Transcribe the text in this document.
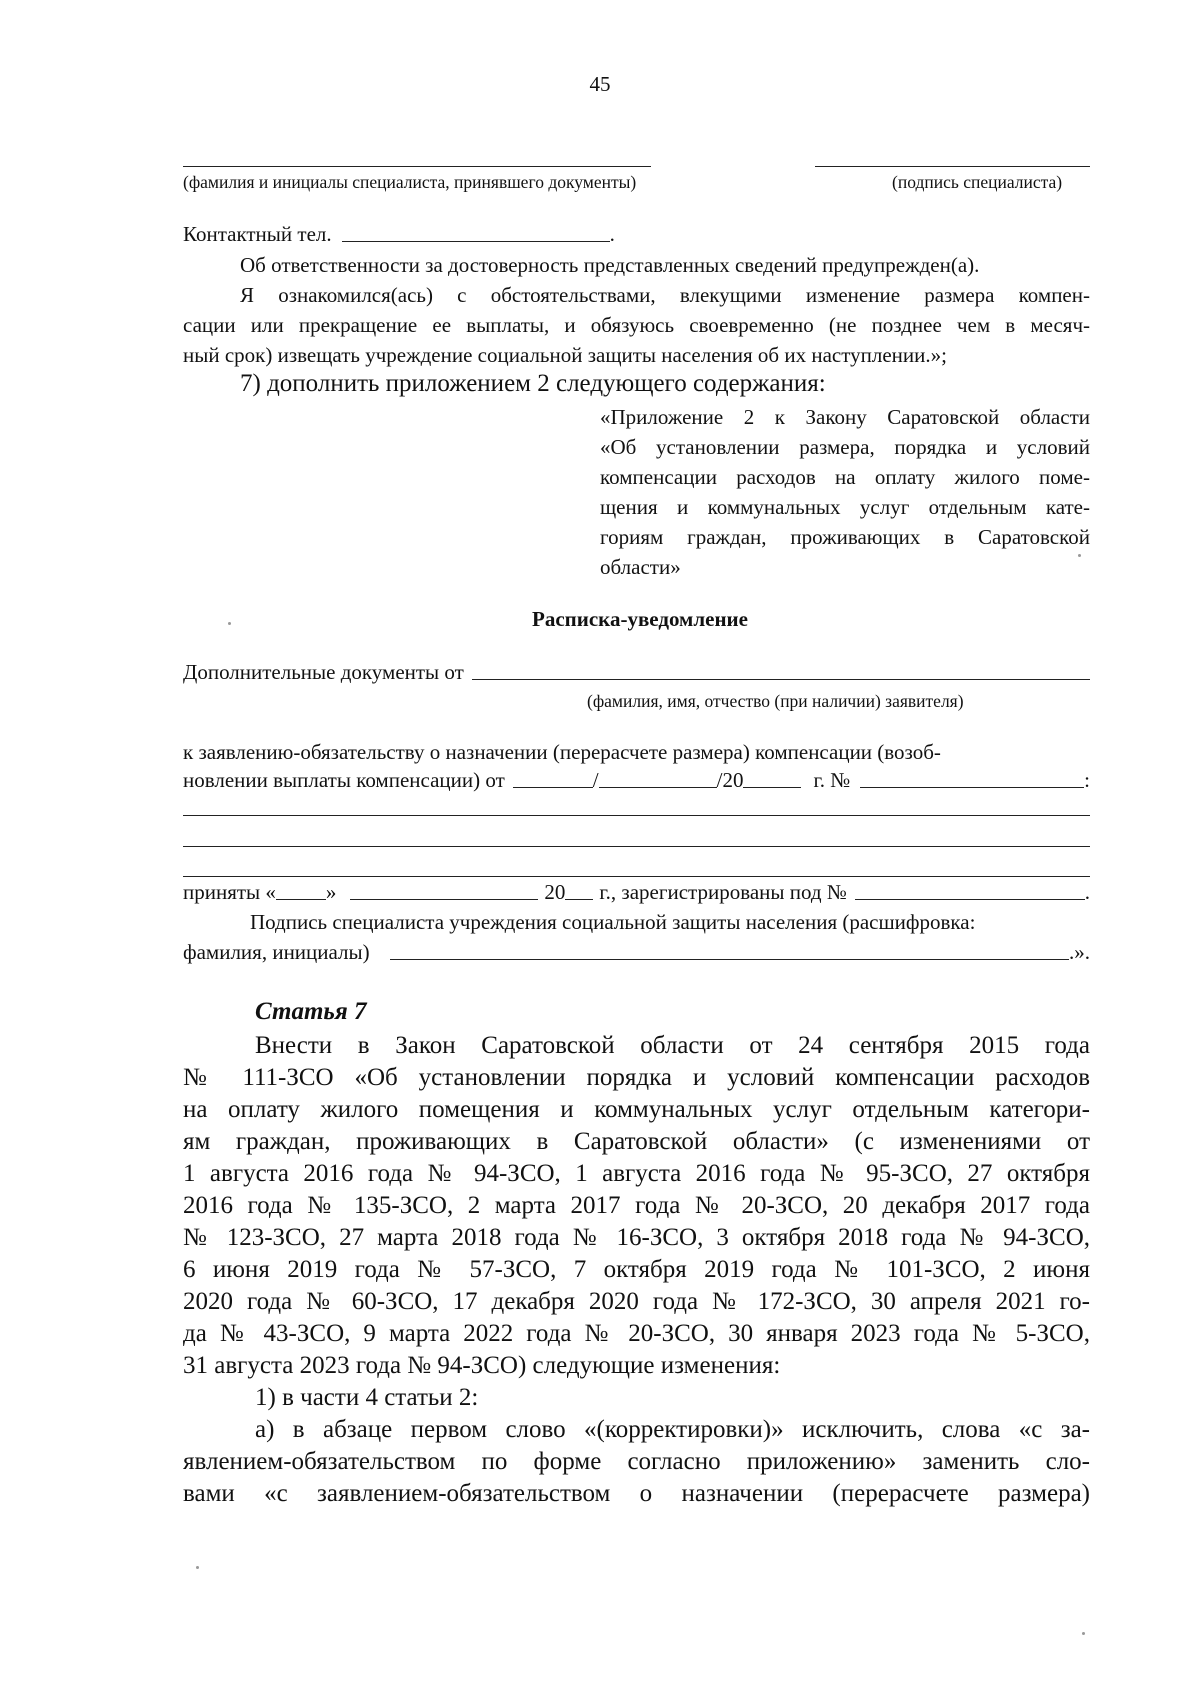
45
(фамилия и инициалы специалиста, принявшего документы)	(подпись специалиста)
Контактный тел.	.
Об ответственности за достоверность представленных сведений предупрежден(а).
Я ознакомился(ась) с обстоятельствами, влекущими изменение размера компен-
сации или прекращение ее выплаты, и обязуюсь своевременно (не позднее чем в месяч-
ный срок) извещать учреждение социальной защиты населения об их наступлении.»;
7) дополнить приложением 2 следующего содержания:
«Приложение 2 к Закону Саратовской области
«Об установлении размера, порядка и условий
компенсации расходов на оплату жилого поме-
щения и коммунальных услуг отдельным кате-
гориям граждан, проживающих в Саратовской
области»
Расписка-уведомление
Дополнительные документы от
(фамилия, имя, отчество (при наличии) заявителя)
к заявлению-обязательству о назначении (перерасчете размера) компенсации (возоб-
новлении выплаты компенсации) от	/	/20	г. №	:
приняты « »	20 г., зарегистрированы под №	.
Подпись специалиста учреждения социальной защиты населения (расшифровка:
фамилия, инициалы)	.».
Статья 7
Внести в Закон Саратовской области от 24 сентября 2015 года
№ 111-ЗСО «Об установлении порядка и условий компенсации расходов
на оплату жилого помещения и коммунальных услуг отдельным категори-
ям граждан, проживающих в Саратовской области» (с изменениями от
1 августа 2016 года № 94-ЗСО, 1 августа 2016 года № 95-ЗСО, 27 октября
2016 года № 135-ЗСО, 2 марта 2017 года № 20-ЗСО, 20 декабря 2017 года
№ 123-ЗСО, 27 марта 2018 года № 16-ЗСО, 3 октября 2018 года № 94-ЗСО,
6 июня 2019 года № 57-ЗСО, 7 октября 2019 года № 101-ЗСО, 2 июня
2020 года № 60-ЗСО, 17 декабря 2020 года № 172-ЗСО, 30 апреля 2021 го-
да № 43-ЗСО, 9 марта 2022 года № 20-ЗСО, 30 января 2023 года № 5-ЗСО,
31 августа 2023 года № 94-ЗСО) следующие изменения:
1) в части 4 статьи 2:
а) в абзаце первом слово «(корректировки)» исключить, слова «с за-
явлением-обязательством по форме согласно приложению» заменить сло-
вами «с заявлением-обязательством о назначении (перерасчете размера)
